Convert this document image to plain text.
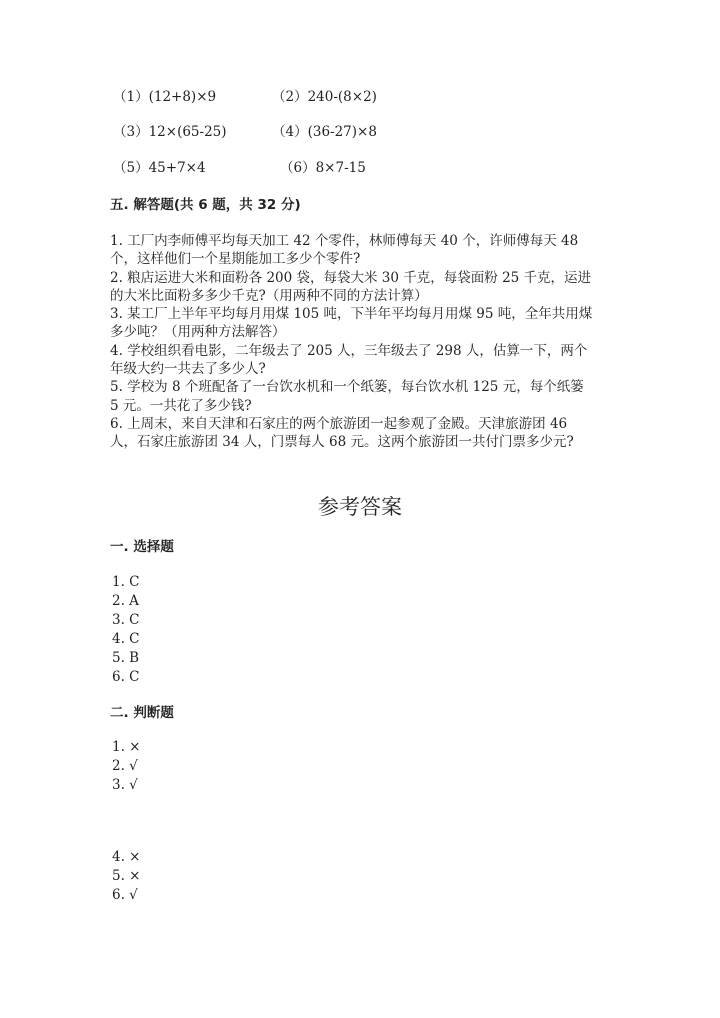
（1）(12+8)×9	（2）240-(8×2)
（3）12×(65-25)	（4）(36-27)×8
（5）45+7×4	（6）8×7-15
五. 解答题(共 6 题，共 32 分)
1. 工厂内李师傅平均每天加工 42 个零件，林师傅每天 40 个，许师傅每天 48
个，这样他们一个星期能加工多少个零件?
2. 粮店运进大米和面粉各 200 袋，每袋大米 30 千克，每袋面粉 25 千克，运进
的大米比面粉多多少千克?（用两种不同的方法计算）
3. 某工厂上半年平均每月用煤 105 吨，下半年平均每月用煤 95 吨，全年共用煤
多少吨？（用两种方法解答）
4. 学校组织看电影，二年级去了 205 人，三年级去了 298 人，估算一下，两个
年级大约一共去了多少人?
5. 学校为 8 个班配备了一台饮水机和一个纸篓，每台饮水机 125 元，每个纸篓
5 元。一共花了多少钱?
6. 上周末，来自天津和石家庄的两个旅游团一起参观了金殿。天津旅游团 46
人，石家庄旅游团 34 人，门票每人 68 元。这两个旅游团一共付门票多少元?
参考答案
一. 选择题
1. C
2. A
3. C
4. C
5. B
6. C
二. 判断题
1. ×
2. √
3. √
4. ×
5. ×
6. √
